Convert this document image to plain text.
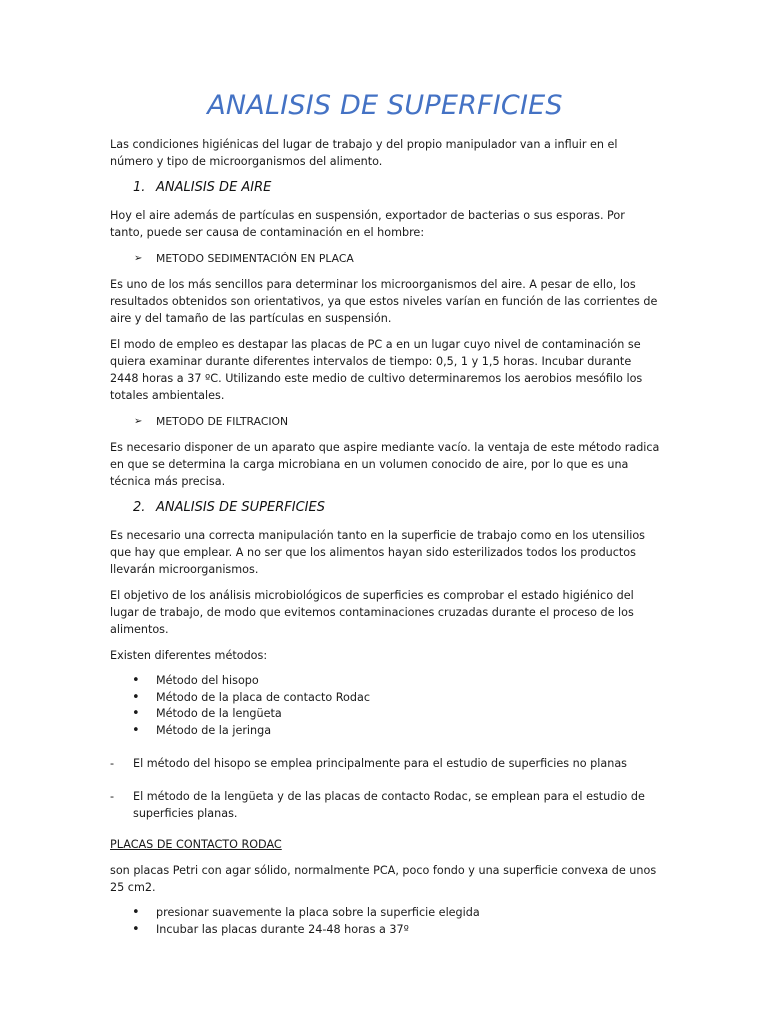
ANALISIS DE SUPERFICIES

Las condiciones higiénicas del lugar de trabajo y del propio manipulador van a influir en el número y tipo de microorganismos del alimento.

1. ANALISIS DE AIRE

Hoy el aire además de partículas en suspensión, exportador de bacterias o sus esporas. Por tanto, puede ser causa de contaminación en el hombre:

➢	METODO SEDIMENTACIÓN EN PLACA

Es uno de los más sencillos para determinar los microorganismos del aire. A pesar de ello, los resultados obtenidos son orientativos, ya que estos niveles varían en función de las corrientes de aire y del tamaño de las partículas en suspensión.

El modo de empleo es destapar las placas de PC a en un lugar cuyo nivel de contaminación se quiera examinar durante diferentes intervalos de tiempo: 0,5, 1 y 1,5 horas. Incubar durante 2448 horas a 37 ºC. Utilizando este medio de cultivo determinaremos los aerobios mesófilo los totales ambientales.

➢	METODO DE FILTRACION

Es necesario disponer de un aparato que aspire mediante vacío. la ventaja de este método radica en que se determina la carga microbiana en un volumen conocido de aire, por lo que es una técnica más precisa.

2. ANALISIS DE SUPERFICIES

Es necesario una correcta manipulación tanto en la superficie de trabajo como en los utensilios que hay que emplear. A no ser que los alimentos hayan sido esterilizados todos los productos llevarán microorganismos.

El objetivo de los análisis microbiológicos de superficies es comprobar el estado higiénico del lugar de trabajo, de modo que evitemos contaminaciones cruzadas durante el proceso de los alimentos.

Existen diferentes métodos:

•	Método del hisopo
•	Método de la placa de contacto Rodac
•	Método de la lengüeta
•	Método de la jeringa
-	El método del hisopo se emplea principalmente para el estudio de superficies no planas
-	El método de la lengüeta y de las placas de contacto Rodac, se emplean para el estudio de superficies planas.

PLACAS DE CONTACTO RODAC

son placas Petri con agar sólido, normalmente PCA, poco fondo y una superficie convexa de unos 25 cm2.

•	presionar suavemente la placa sobre la superficie elegida
•	Incubar las placas durante 24-48 horas a 37º
